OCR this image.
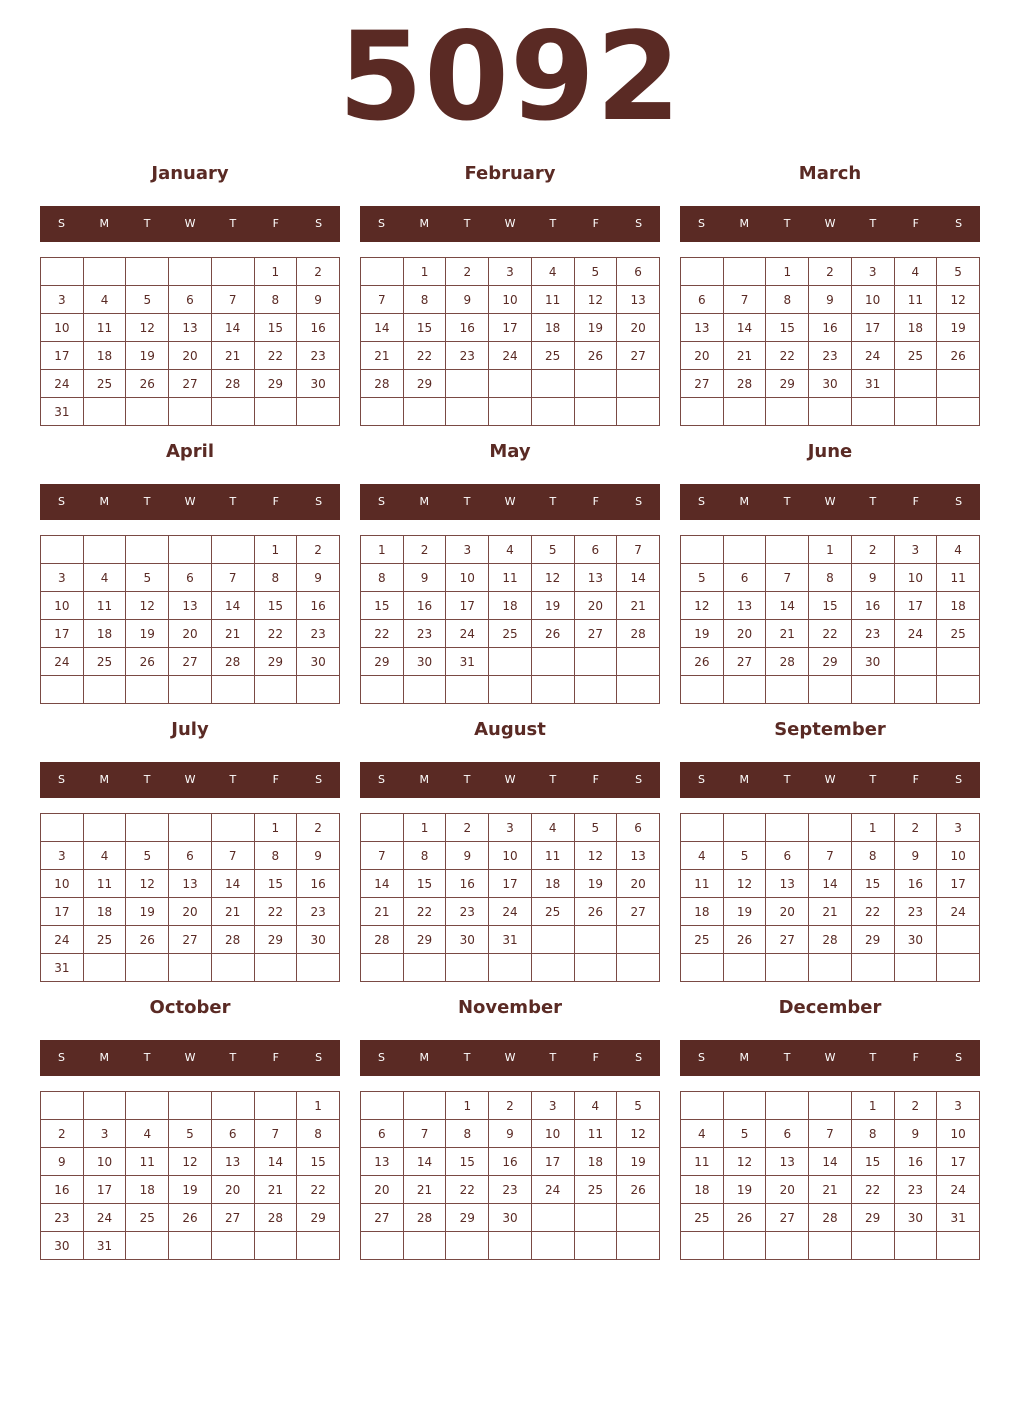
5092
January
S	M	T	W	T	F	S
					1	2
3	4	5	6	7	8	9
10	11	12	13	14	15	16
17	18	19	20	21	22	23
24	25	26	27	28	29	30
31						
February
S	M	T	W	T	F	S
	1	2	3	4	5	6
7	8	9	10	11	12	13
14	15	16	17	18	19	20
21	22	23	24	25	26	27
28	29					

March
S	M	T	W	T	F	S
		1	2	3	4	5
6	7	8	9	10	11	12
13	14	15	16	17	18	19
20	21	22	23	24	25	26
27	28	29	30	31		

April
S	M	T	W	T	F	S
					1	2
3	4	5	6	7	8	9
10	11	12	13	14	15	16
17	18	19	20	21	22	23
24	25	26	27	28	29	30

May
S	M	T	W	T	F	S
1	2	3	4	5	6	7
8	9	10	11	12	13	14
15	16	17	18	19	20	21
22	23	24	25	26	27	28
29	30	31				

June
S	M	T	W	T	F	S
			1	2	3	4
5	6	7	8	9	10	11
12	13	14	15	16	17	18
19	20	21	22	23	24	25
26	27	28	29	30		

July
S	M	T	W	T	F	S
					1	2
3	4	5	6	7	8	9
10	11	12	13	14	15	16
17	18	19	20	21	22	23
24	25	26	27	28	29	30
31						
August
S	M	T	W	T	F	S
	1	2	3	4	5	6
7	8	9	10	11	12	13
14	15	16	17	18	19	20
21	22	23	24	25	26	27
28	29	30	31			

September
S	M	T	W	T	F	S
				1	2	3
4	5	6	7	8	9	10
11	12	13	14	15	16	17
18	19	20	21	22	23	24
25	26	27	28	29	30	

October
S	M	T	W	T	F	S
						1
2	3	4	5	6	7	8
9	10	11	12	13	14	15
16	17	18	19	20	21	22
23	24	25	26	27	28	29
30	31					
November
S	M	T	W	T	F	S
		1	2	3	4	5
6	7	8	9	10	11	12
13	14	15	16	17	18	19
20	21	22	23	24	25	26
27	28	29	30			

December
S	M	T	W	T	F	S
				1	2	3
4	5	6	7	8	9	10
11	12	13	14	15	16	17
18	19	20	21	22	23	24
25	26	27	28	29	30	31
